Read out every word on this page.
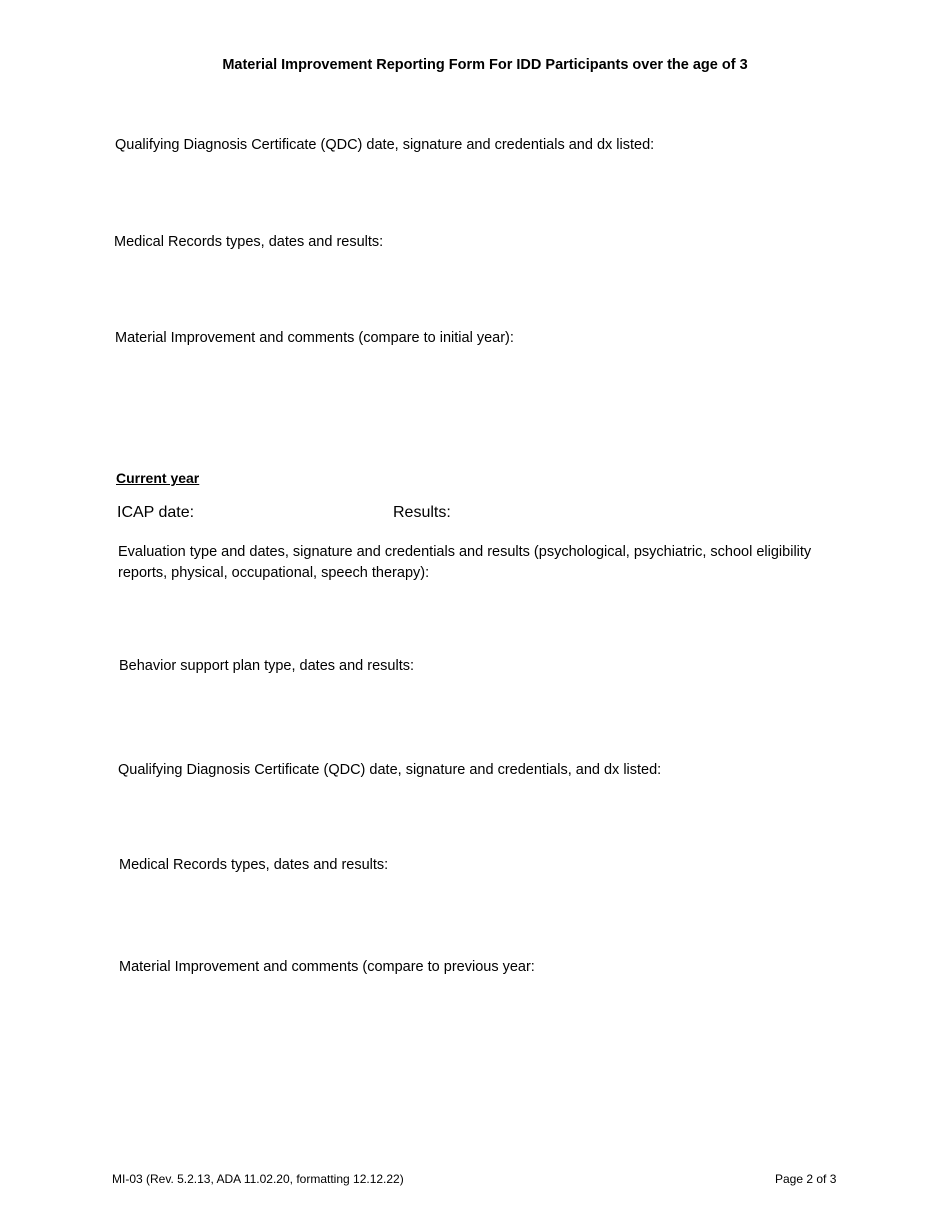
Material Improvement Reporting Form For IDD Participants over the age of 3
Qualifying Diagnosis Certificate (QDC) date, signature and credentials and dx listed:
Medical Records types, dates and results:
Material Improvement and comments (compare to initial year):
Current year
ICAP date:	Results:
Evaluation type and dates, signature and credentials and results (psychological, psychiatric, school eligibility reports, physical, occupational, speech therapy):
Behavior support plan type, dates and results:
Qualifying Diagnosis Certificate (QDC) date, signature and credentials, and dx listed:
Medical Records types, dates and results:
Material Improvement and comments (compare to previous year:
MI-03 (Rev. 5.2.13, ADA 11.02.20, formatting 12.12.22)	Page 2 of 3
